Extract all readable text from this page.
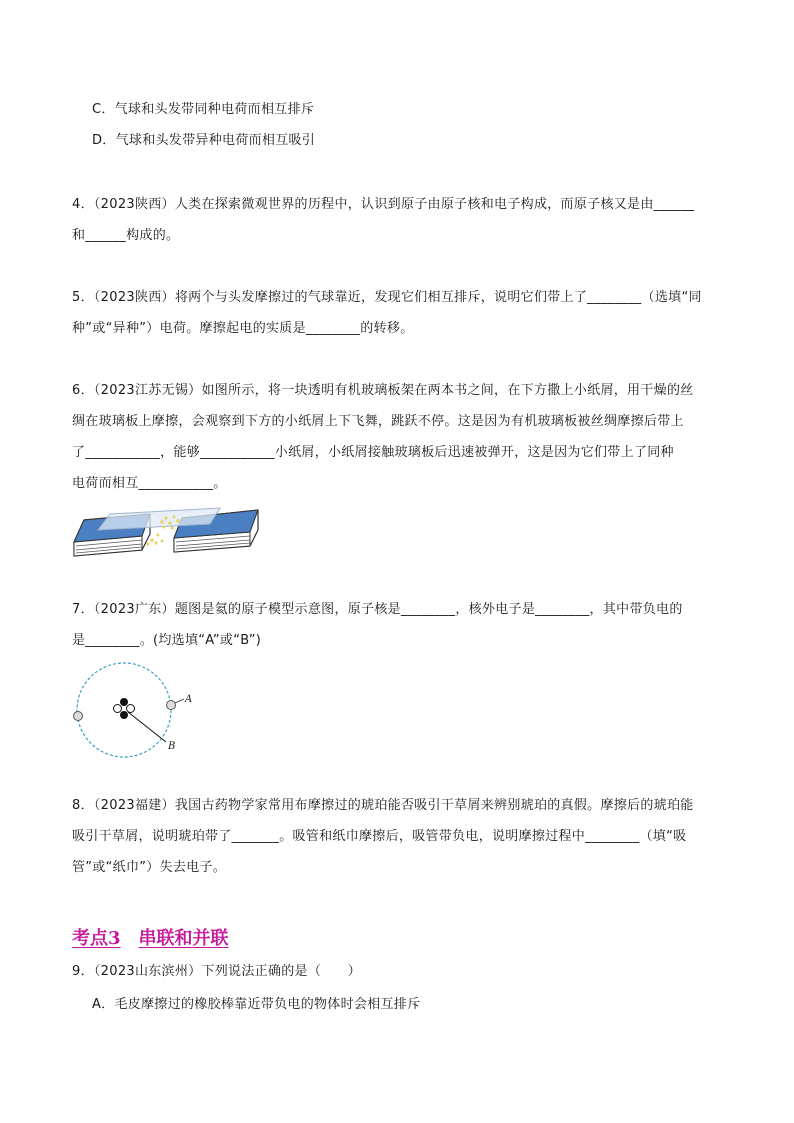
C．气球和头发带同种电荷而相互排斥
D．气球和头发带异种电荷而相互吸引
4．（2023陕西）人类在探索微观世界的历程中，认识到原子由原子核和电子构成，而原子核又是由______
和______构成的。
5．（2023陕西）将两个与头发摩擦过的气球靠近，发现它们相互排斥，说明它们带上了________（选填“同
种”或“异种”）电荷。摩擦起电的实质是________的转移。
6．（2023江苏无锡）如图所示，将一块透明有机玻璃板架在两本书之间，在下方撒上小纸屑，用干燥的丝
绸在玻璃板上摩擦，会观察到下方的小纸屑上下飞舞，跳跃不停。这是因为有机玻璃板被丝绸摩擦后带上
了___________，能够___________小纸屑，小纸屑接触玻璃板后迅速被弹开，这是因为它们带上了同种
电荷而相互___________。
7．（2023广东）题图是氦的原子模型示意图，原子核是________，核外电子是________，其中带负电的
是________。(均选填“A”或“B”)
A
B
8．（2023福建）我国古药物学家常用布摩擦过的琥珀能否吸引干草屑来辨别琥珀的真假。摩擦后的琥珀能
吸引干草屑，说明琥珀带了_______。吸管和纸巾摩擦后，吸管带负电，说明摩擦过程中________（填“吸
管”或“纸巾”）失去电子。
考点3 串联和并联
9．（2023山东滨州）下列说法正确的是（　　）
A．毛皮摩擦过的橡胶棒靠近带负电的物体时会相互排斥
